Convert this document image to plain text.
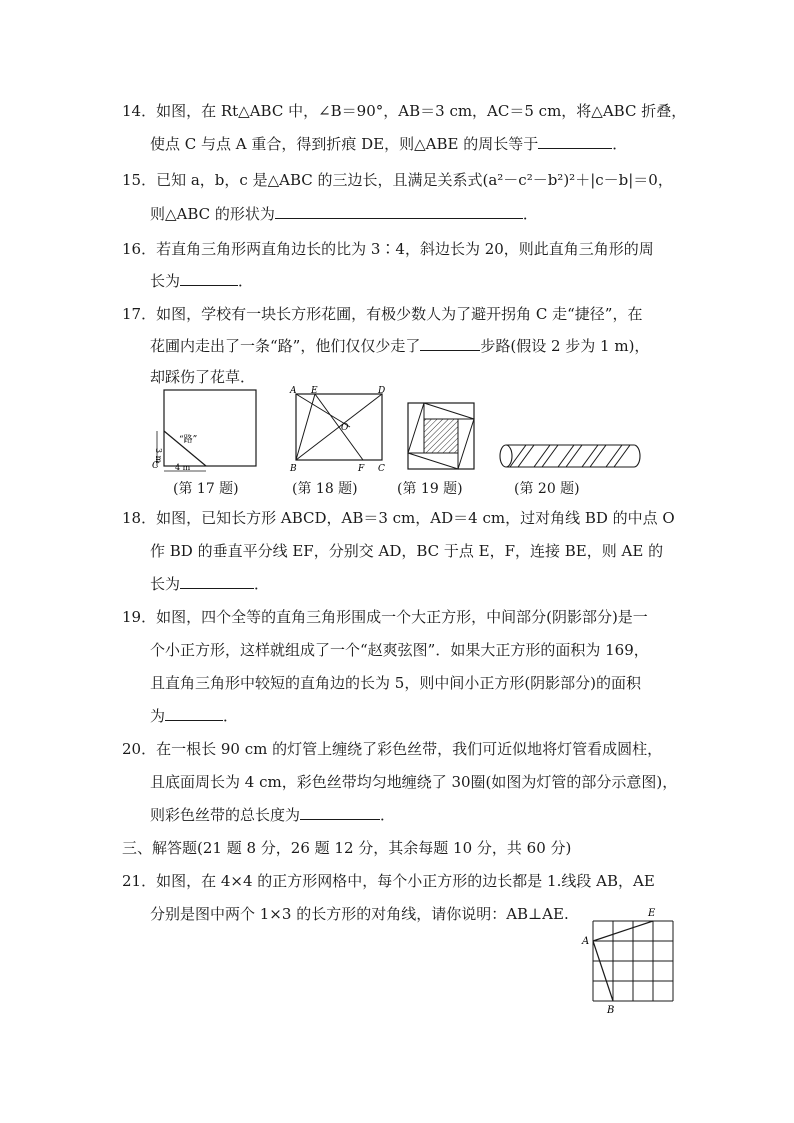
14．如图，在 Rt△ABC 中，∠B＝90°，AB＝3 cm，AC＝5 cm，将△ABC 折叠，
使点 C 与点 A 重合，得到折痕 DE，则△ABE 的周长等于	．
15．已知 a，b，c 是△ABC 的三边长，且满足关系式(a²－c²－b²)²＋|c－b|＝0，
则△ABC 的形状为	．
16．若直角三角形两直角边长的比为 3∶4，斜边长为 20，则此直角三角形的周
长为	．
17．如图，学校有一块长方形花圃，有极少数人为了避开拐角 C 走“捷径”，在
花圃内走出了一条“路”，他们仅仅少走了	步路(假设 2 步为 1 m)，
却踩伤了花草．
“路”
3 m
4 m
C
(第 17 题)
A E	D
O
B	F C
(第 18 题)	(第 19 题)	(第 20 题)
18．如图，已知长方形 ABCD，AB＝3 cm，AD＝4 cm，过对角线 BD 的中点 O
作 BD 的垂直平分线 EF，分别交 AD，BC 于点 E，F，连接 BE，则 AE 的
长为	．
19．如图，四个全等的直角三角形围成一个大正方形，中间部分(阴影部分)是一
个小正方形，这样就组成了一个“赵爽弦图”．如果大正方形的面积为 169，
且直角三角形中较短的直角边的长为 5，则中间小正方形(阴影部分)的面积
为	．
20．在一根长 90 cm 的灯管上缠绕了彩色丝带，我们可近似地将灯管看成圆柱，
且底面周长为 4 cm，彩色丝带均匀地缠绕了 30圈(如图为灯管的部分示意图)，
则彩色丝带的总长度为	．
三、解答题(21 题 8 分，26 题 12 分，其余每题 10 分，共 60 分)
21．如图，在 4×4 的正方形网格中，每个小正方形的边长都是 1.线段 AB，AE
分别是图中两个 1×3 的长方形的对角线，请你说明：AB⊥AE.
A
E
B
